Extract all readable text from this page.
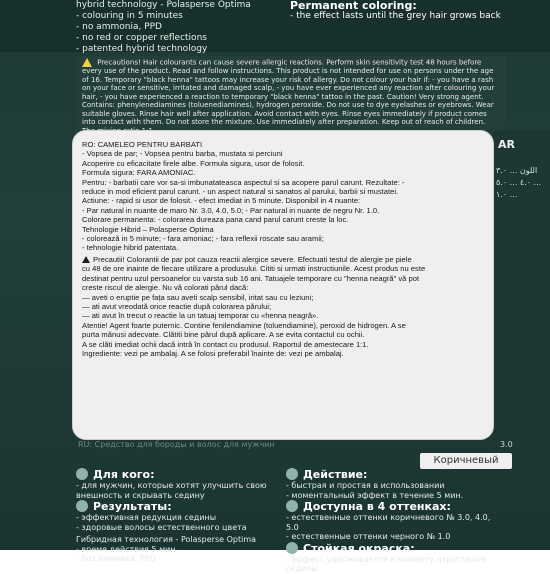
hybrid technology - Polasperse Optima
- colouring in 5 minutes
- no ammonia, PPD
- no red or copper reflections
- patented hybrid technology
Permanent coloring:
- the effect lasts until the grey hair grows back
Precautions! Hair colourants can cause severe allergic reactions. Perform skin sensitivity test 48 hours before every use of the product. Read and follow instructions. This product is not intended for use on persons under the age of 16. Temporary "black henna" tattoos may increase your risk of allergy. Do not colour your hair if: - you have a rash on your face or sensitive, irritated and damaged scalp, - you have ever experienced any reaction after colouring your hair, - you have experienced a reaction to temporary "black henna" tattoo in the past. Caution! Very strong agent. Contains: phenylenediamines (toluenediamines), hydrogen peroxide. Do not use to dye eyelashes or eyebrows. Wear suitable gloves. Rinse hair well after application. Avoid contact with eyes. Rinse eyes immediately if product comes into contact with them. Do not store the mixture. Use immediately after preparation. Keep out of reach of children.
AR
اللون ... ٣.٠ ... ٤.٠ ... ٥.٠ ... ١.٠

RO: CAMELEO PENTRU BARBATI

- Vopsea de par; - Vopsea pentru barba, mustata si perciuni

Acoperire cu eficacitate firele albe. Formula sigura, usor de folosit.

Formula sigura: FARA AMONIAC.

Pentru: - barbatii care vor sa-si imbunatateasca aspectul si sa acopere parul carunt. Rezultate: -

reduce in mod eficient parul carunt. - un aspect natural si sanatos al parului, barbii si mustatei.

Actiune: - rapid si usor de folosit. - efect imediat in 5 minute. Disponibil in 4 nuante:

- Par natural in nuante de maro Nr. 3.0, 4.0, 5.0; - Par natural in nuante de negru Nr. 1.0.

Colorare permanenta: - colorarea dureaza pana cand parul carunt creste la loc.

Tehnologie Hibrid – Polasperse Optima

- colorează in 5 minute; - fara amoniac; - fara reflexii roscate sau aramii;

- tehnologie hibrid patentata.

Precautii! Colorantii de par pot cauza reactii alergice severe. Efectuati testul de alergie pe piele

cu 48 de ore inainte de fiecare utilizare a produsului. Cititi si urmati instructiunile. Acest produs nu este

destinat pentru uzul persoanelor cu varsta sub 16 ani. Tatuajele temporare cu "henna neagră" vă pot

creste riscul de alergie. Nu vă colorati părul dacă:

— aveti o eruptie pe fața sau aveti scalp sensibil, iritat sau cu leziuni;

— ati avut vreodată orice reactie după colorarea părului;

— ati avut în trecut o reactie la un tatuaj temporar cu «henna neagră».

Atentie! Agent foarte puternic. Contine fenilendiamine (toluendiamine), peroxid de hidrogen. A se

purta mănusi adecvate. Clătiti bine părul după aplicare. A se evita contactul cu ochii.

A se clăti imediat ochii dacă intră în contact cu produsul. Raportul de amestecare 1:1.

Ingrediente: vezi pe ambalaj. A se folosi preferabil înainte de: vezi pe ambalaj.

RU: Средство для бороды и волос для мужчин	3.0
Коричневый
Для кого:
- для мужчин, которые хотят улучшить свою
внешность и скрывать седину
Результаты:
- эффективная редукция седины
- здоровые волосы естественного цвета
Гибридная технология - Polasperse Optima
- время действия 5 мин.
- без аммиака, PPD
Действие:
- быстрая и простая в использовании
- моментальный эффект в течение 5 мин.
Доступна в 4 оттенках:
- естественные оттенки коричневого № 3.0, 4.0, 5.0
- естественные оттенки черного № 1.0
Стойкая окраска:
- эффект удерживается к моменту отрастания седины
